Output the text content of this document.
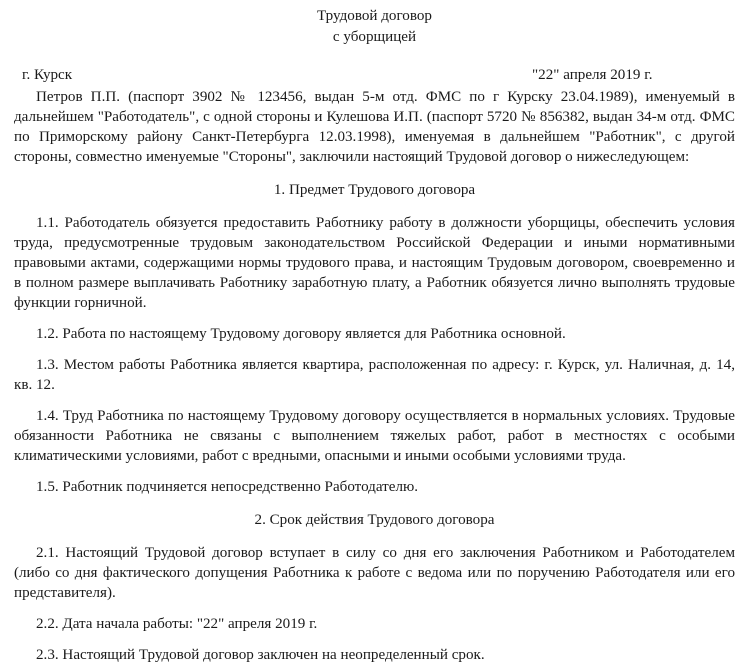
Трудовой договор
с уборщицей
г. Курск	"22" апреля 2019 г.

Петров П.П. (паспорт 3902 № 123456, выдан 5-м отд. ФМС по г Курску 23.04.1989), именуемый в дальнейшем "Работодатель", с одной стороны и Кулешова И.П. (паспорт 5720 № 856382, выдан 34-м отд. ФМС по Приморскому району Санкт-Петербурга 12.03.1998), именуемая в дальнейшем "Работник", с другой стороны, совместно именуемые "Стороны", заключили настоящий Трудовой договор о нижеследующем:

1. Предмет Трудового договора

1.1. Работодатель обязуется предоставить Работнику работу в должности уборщицы, обеспечить условия труда, предусмотренные трудовым законодательством Российской Федерации и иными нормативными правовыми актами, содержащими нормы трудового права, и настоящим Трудовым договором, своевременно и в полном размере выплачивать Работнику заработную плату, а Работник обязуется лично выполнять трудовые функции горничной.

1.2. Работа по настоящему Трудовому договору является для Работника основной.

1.3. Местом работы Работника является квартира, расположенная по адресу: г. Курск, ул. Наличная, д. 14, кв. 12.

1.4. Труд Работника по настоящему Трудовому договору осуществляется в нормальных условиях. Трудовые обязанности Работника не связаны с выполнением тяжелых работ, работ в местностях с особыми климатическими условиями, работ с вредными, опасными и иными особыми условиями труда.

1.5. Работник подчиняется непосредственно Работодателю.

2. Срок действия Трудового договора

2.1. Настоящий Трудовой договор вступает в силу со дня его заключения Работником и Работодателем (либо со дня фактического допущения Работника к работе с ведома или по поручению Работодателя или его представителя).

2.2. Дата начала работы: "22" апреля 2019 г.

2.3. Настоящий Трудовой договор заключен на неопределенный срок.
